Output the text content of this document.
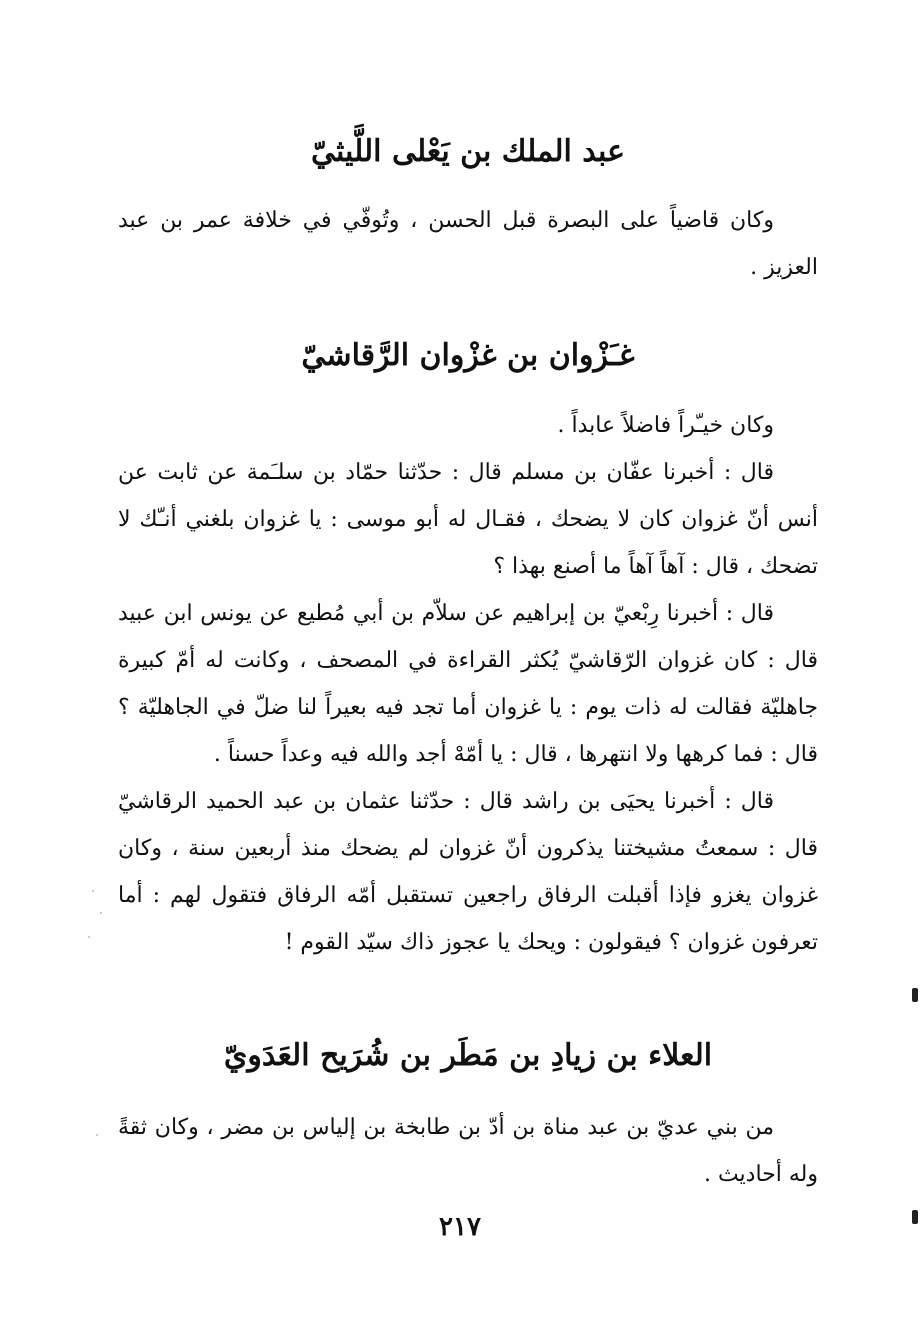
عبد الملك بن يَعْلى اللَّيثيّ

وكان قاضياً على البصرة قبل الحسن ، وتُوفّي في خلافة عمر بن عبد العزيز .

غـَزْوان بن غزْوان الرَّقاشيّ

وكان خيـّراً فاضلاً عابداً .

قال : أخبرنا عفّان بن مسلم قال : حدّثنا حمّاد بن سلـَمة عن ثابت عن أنس أنّ غزوان كان لا يضحك ، فقـال له أبو موسى : يا غزوان بلغني أنـّك لا تضحك ، قال : آهاً آهاً ما أصنع بهذا ؟

قال : أخبرنا رِبْعيّ بن إبراهيم عن سلاّم بن أبي مُطيع عن يونس ابن عبيد قال : كان غزوان الرّقاشيّ يُكثر القراءة في المصحف ، وكانت له أمّ كبيرة جاهليّة فقالت له ذات يوم : يا غزوان أما تجد فيه بعيراً لنا ضلّ في الجاهليّة ؟ قال : فما كرهها ولا انتهرها ، قال : يا أمّهْ أجد والله فيه وعداً حسناً .

قال : أخبرنا يحيَى بن راشد قال : حدّثنا عثمان بن عبد الحميد الرقاشيّ قال : سمعتُ مشيختنا يذكرون أنّ غزوان لم يضحك منذ أربعين سنة ، وكان غزوان يغزو فإذا أقبلت الرفاق راجعين تستقبل أمّه الرفاق فتقول لهم : أما تعرفون غزوان ؟ فيقولون : ويحك يا عجوز ذاك سيّد القوم !

العلاء بن زيادِ بن مَطَر بن شُرَيح العَدَويّ

من بني عديّ بن عبد مناة بن أدّ بن طابخة بن إلياس بن مضر ، وكان ثقةً وله أحاديث .

٢١٧
